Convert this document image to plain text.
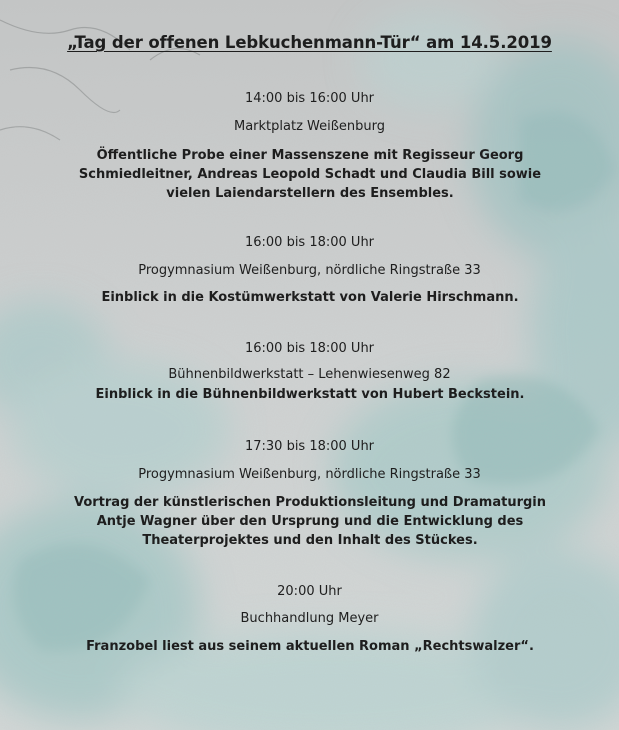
„Tag der offenen Lebkuchenmann-Tür“ am 14.5.2019
14:00 bis 16:00 Uhr
Marktplatz Weißenburg
Öffentliche Probe einer Massenszene mit Regisseur Georg Schmiedleitner, Andreas Leopold Schadt und Claudia Bill sowie vielen Laiendarstellern des Ensembles.
16:00 bis 18:00 Uhr
Progymnasium Weißenburg, nördliche Ringstraße 33
Einblick in die Kostümwerkstatt von Valerie Hirschmann.
16:00 bis 18:00 Uhr
Bühnenbildwerkstatt – Lehenwiesenweg 82
Einblick in die Bühnenbildwerkstatt von Hubert Beckstein.
17:30 bis 18:00 Uhr
Progymnasium Weißenburg, nördliche Ringstraße 33
Vortrag der künstlerischen Produktionsleitung und Dramaturgin Antje Wagner über den Ursprung und die Entwicklung des Theaterprojektes und den Inhalt des Stückes.
20:00 Uhr
Buchhandlung Meyer
Franzobel liest aus seinem aktuellen Roman „Rechtswalzer“.
